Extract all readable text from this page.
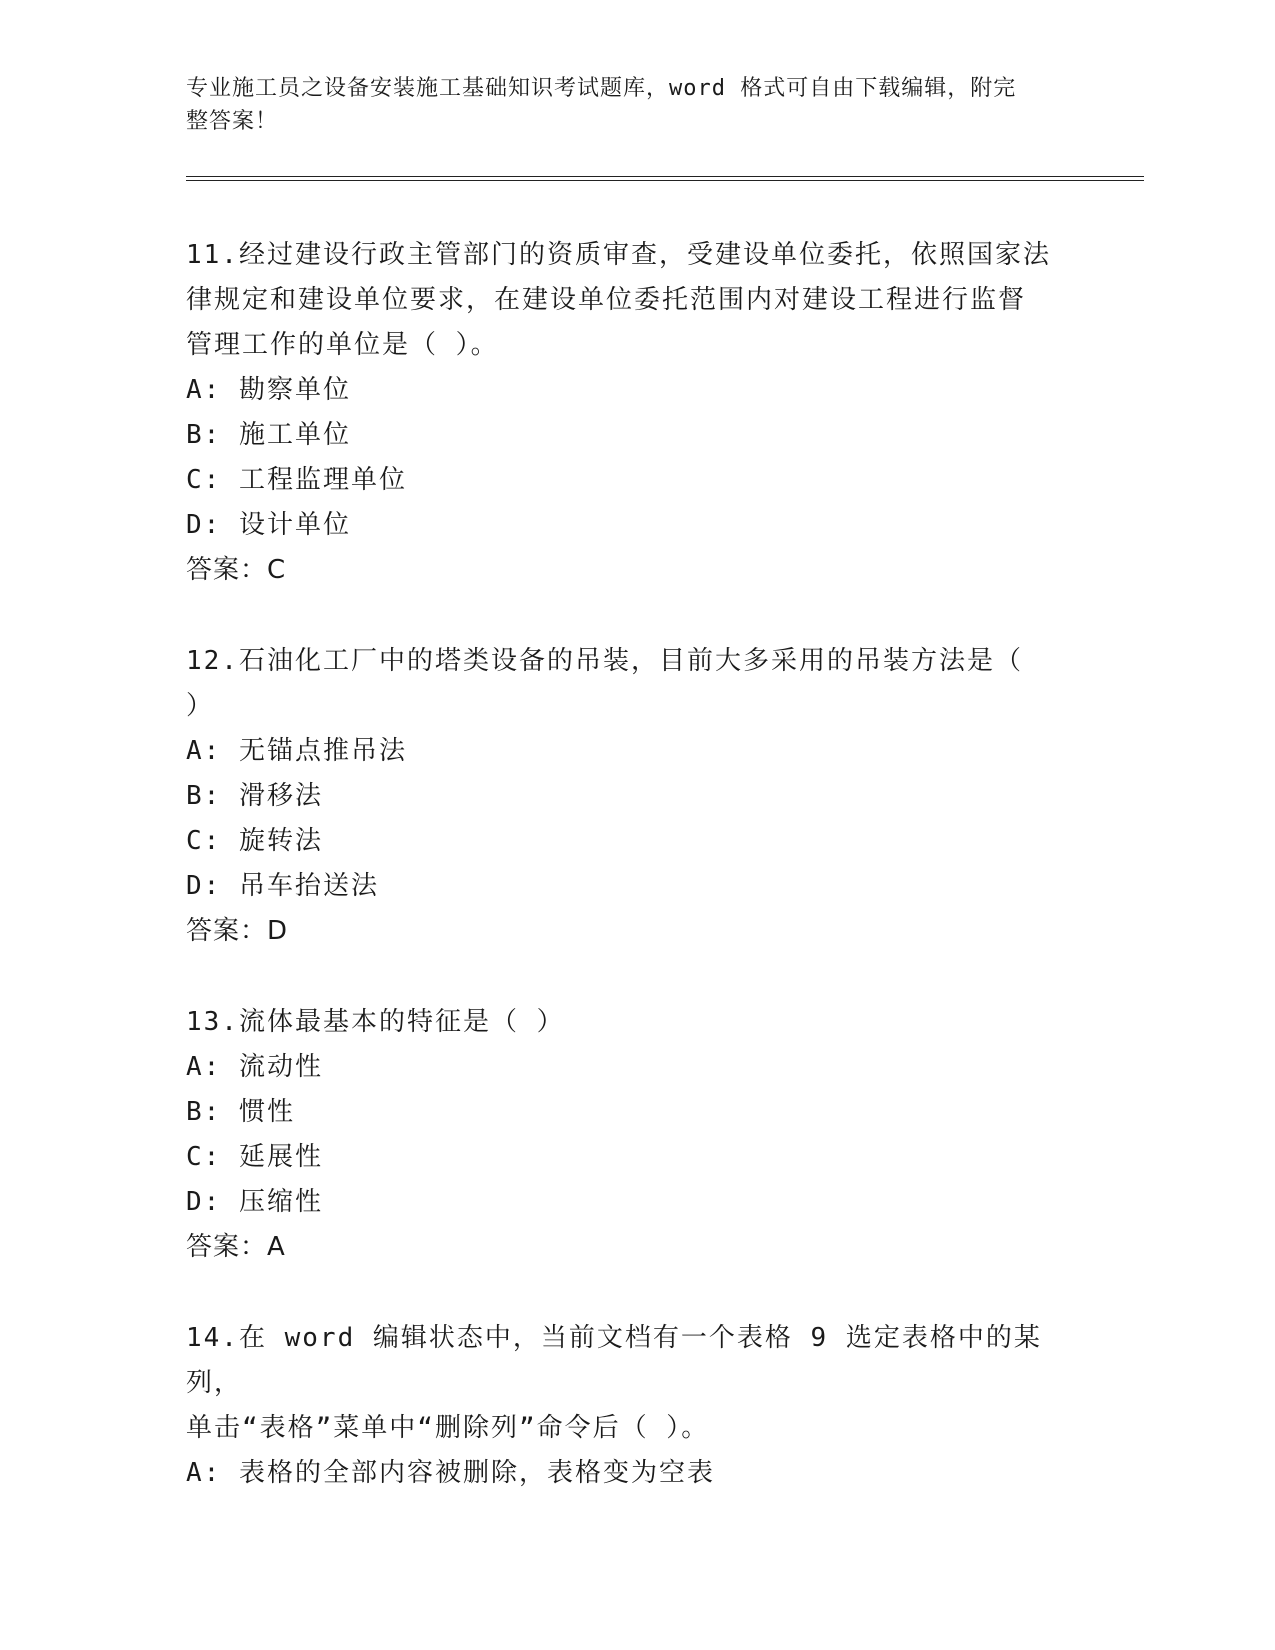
专业施工员之设备安装施工基础知识考试题库，word 格式可自由下载编辑，附完
整答案！
11.经过建设行政主管部门的资质审查，受建设单位委托，依照国家法
律规定和建设单位要求，在建设单位委托范围内对建设工程进行监督
管理工作的单位是（ ）。
A: 勘察单位
B: 施工单位
C: 工程监理单位
D: 设计单位
答案：C
12.石油化工厂中的塔类设备的吊装，目前大多采用的吊装方法是（
）
A: 无锚点推吊法
B: 滑移法
C: 旋转法
D: 吊车抬送法
答案：D
13.流体最基本的特征是（ ）
A: 流动性
B: 惯性
C: 延展性
D: 压缩性
答案：A
14.在 word 编辑状态中，当前文档有一个表格 9 选定表格中的某列，
单击“表格”菜单中“删除列”命令后（ ）。
A: 表格的全部内容被删除，表格变为空表
